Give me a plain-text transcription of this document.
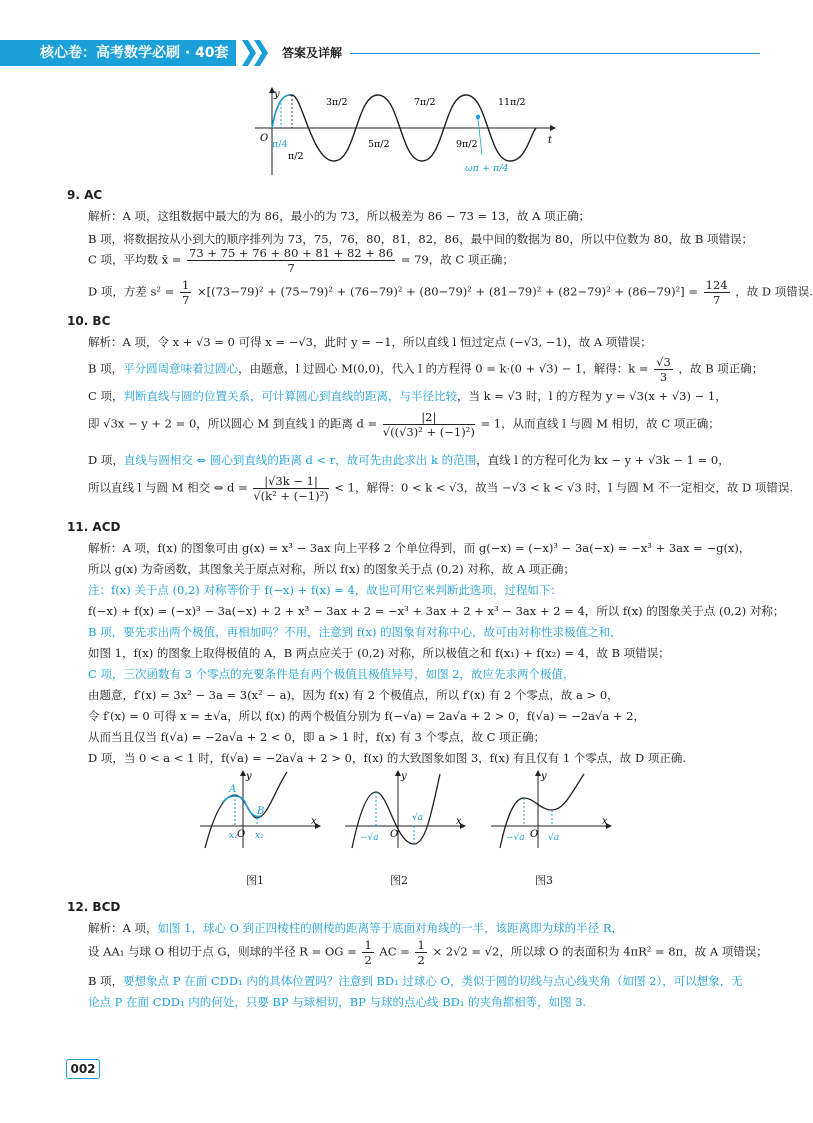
核心卷：高考数学必刷 · 40套	答案及详解
y
t
O
3π/2	7π/2	11π/2
π/4
π/2
5π/2	9π/2
ωπ + π/4
9. AC
解析：A 项，这组数据中最大的为 86，最小的为 73，所以极差为 86 − 73 = 13，故 A 项正确；
B 项，将数据按从小到大的顺序排列为 73，75，76，80，81，82，86，最中间的数据为 80，所以中位数为 80，故 B 项错误；
C 项，平均数 x̄ = $\frac{73 + 75 + 76 + 80 + 81 + 82 + 86}{7} = 79$，故 C 项正确；
D 项，方差 $s^2 = \frac{1}{7} \times[(73-79)^2 + (75-79)^2 + (76-79)^2 + (80-79)^2 + (81-79)^2 + (82-79)^2 + (86-79)^2] = \frac{124}{7}$ ，故 D 项错误.
10. BC
解析：A 项，令 x + √3 = 0 可得 x = −√3，此时 y = −1，所以直线 l 恒过定点 (−√3, −1)，故 A 项错误；
B 项，平分圆周意味着过圆心，由题意，l 过圆心 M(0,0)，代入 l 的方程得 0 = k·(0 + √3) − 1，解得：$k = \frac{√3}{3}$ ，故 B 项正确；
C 项，判断直线与圆的位置关系，可计算圆心到直线的距离，与半径比较，当 k = √3 时，l 的方程为 y = √3(x + √3) − 1，
即 √3x − y + 2 = 0，所以圆心 M 到直线 l 的距离 $d = \frac{|2|}{\text{√((√3)² + (−1)²)}} = 1$，从而直线 l 与圆 M 相切，故 C 项正确；
D 项，直线与圆相交 ⇔ 圆心到直线的距离 d < r，故可先由此求出 k 的范围，直线 l 的方程可化为 kx − y + √3k − 1 = 0，
所以直线 l 与圆 M 相交 ⇔ $d = \frac{|√3k - 1|}{\text{√(k² + (−1)²)}} < 1$，解得：0 < k < √3，故当 −√3 < k < √3 时，l 与圆 M 不一定相交，故 D 项错误.
11. ACD
解析：A 项，f(x) 的图象可由 g(x) = x³ − 3ax 向上平移 2 个单位得到，而 g(−x) = (−x)³ − 3a(−x) = −x³ + 3ax = −g(x)，
所以 g(x) 为奇函数，其图象关于原点对称，所以 f(x) 的图象关于点 (0,2) 对称，故 A 项正确；
注：f(x) 关于点 (0,2) 对称等价于 f(−x) + f(x) = 4，故也可用它来判断此选项，过程如下：
f(−x) + f(x) = (−x)³ − 3a(−x) + 2 + x³ − 3ax + 2 = −x³ + 3ax + 2 + x³ − 3ax + 2 = 4，所以 f(x) 的图象关于点 (0,2) 对称；
B 项，要先求出两个极值，再相加吗？不用，注意到 f(x) 的图象有对称中心，故可由对称性求极值之和，
如图 1，f(x) 的图象上取得极值的 A，B 两点应关于 (0,2) 对称，所以极值之和 f(x₁) + f(x₂) = 4，故 B 项错误；
C 项，三次函数有 3 个零点的充要条件是有两个极值且极值异号，如图 2，故应先求两个极值，
由题意，f′(x) = 3x² − 3a = 3(x² − a)，因为 f(x) 有 2 个极值点，所以 f′(x) 有 2 个零点，故 a > 0，
令 f′(x) = 0 可得 x = ±√a，所以 f(x) 的两个极值分别为 f(−√a) = 2a√a + 2 > 0，f(√a) = −2a√a + 2，
从而当且仅当 f(√a) = −2a√a + 2 < 0，即 a > 1 时，f(x) 有 3 个零点，故 C 项正确；
D 项，当 0 < a < 1 时，f(√a) = −2a√a + 2 > 0，f(x) 的大致图象如图 3，f(x) 有且仅有 1 个零点，故 D 项正确.
A
B
x₁ x₂
O
x
y
图1
−√a
√a
O
x
y
图2
−√a	√a
O
x
y
图3
12. BCD
解析：A 项，如图 1，球心 O 到正四棱柱的侧棱的距离等于底面对角线的一半，该距离即为球的半径 R，
设 AA₁ 与球 O 相切于点 G，则球的半径 R = OG = $\frac{1}{2}$ AC = $\frac{1}{2} \times 2√2 = √2$，所以球 O 的表面积为 4πR² = 8π，故 A 项错误；
B 项，要想象点 P 在面 CDD₁ 内的具体位置吗？注意到 BD₁ 过球心 O，类似于圆的切线与点心线夹角（如图 2），可以想象，无
论点 P 在面 CDD₁ 内的何处，只要 BP 与球相切，BP 与球的点心线 BD₁ 的夹角都相等，如图 3.
002
